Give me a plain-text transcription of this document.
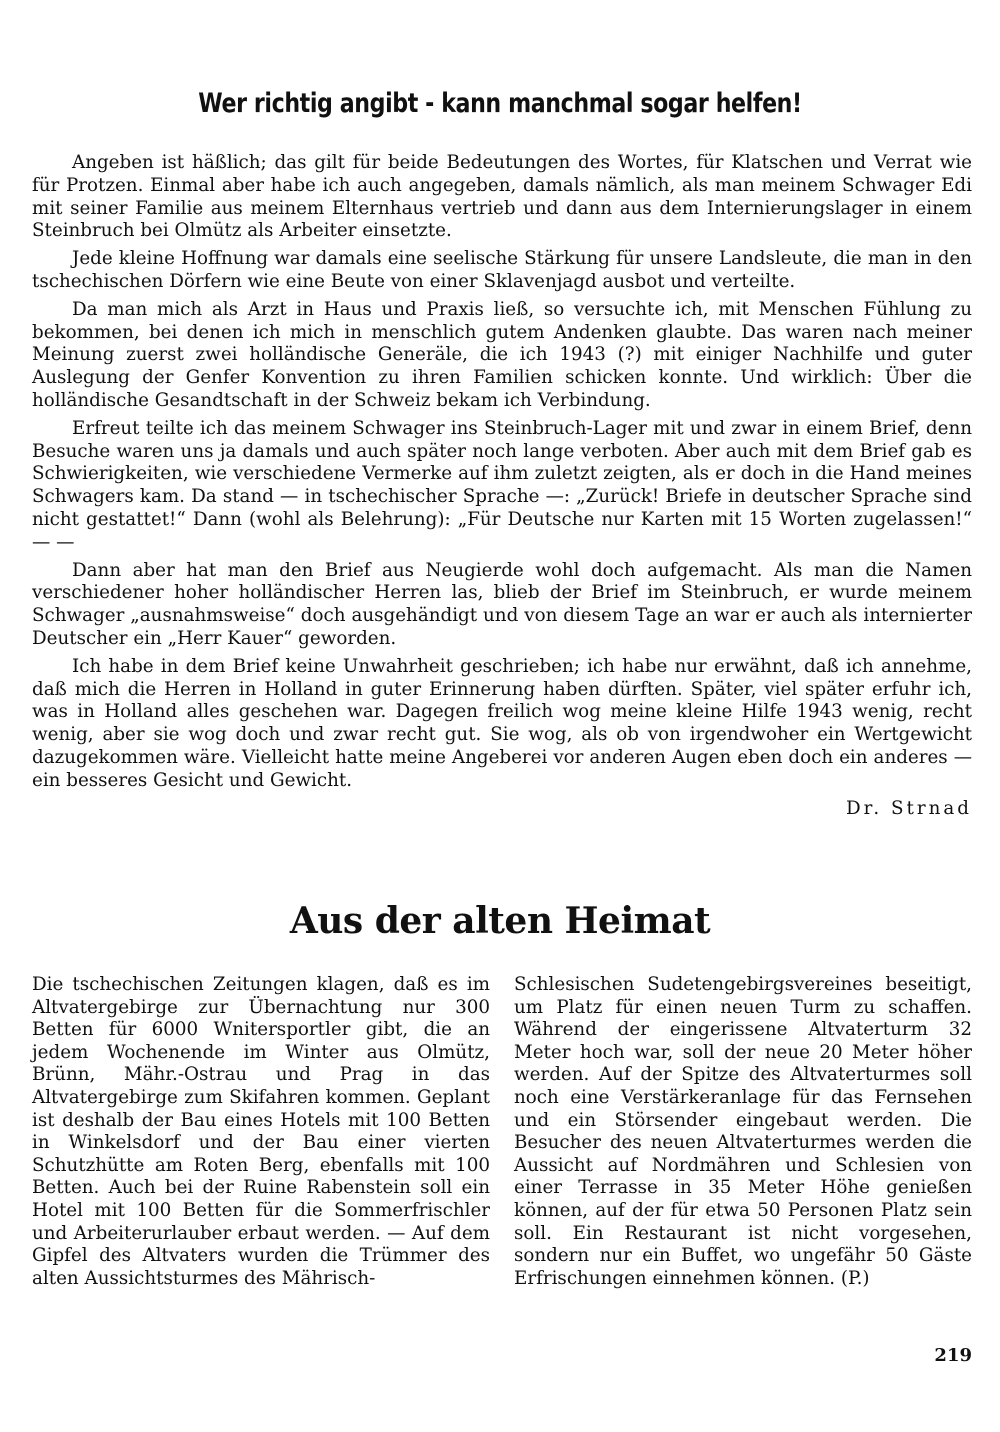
Wer richtig angibt - kann manchmal sogar helfen!

Angeben ist häßlich; das gilt für beide Bedeutungen des Wortes, für Klatschen und Verrat wie für Protzen. Einmal aber habe ich auch angegeben, damals nämlich, als man meinem Schwager Edi mit seiner Familie aus meinem Elternhaus vertrieb und dann aus dem Internierungslager in einem Steinbruch bei Olmütz als Arbeiter einsetzte.

Jede kleine Hoffnung war damals eine seelische Stärkung für unsere Landsleute, die man in den tschechischen Dörfern wie eine Beute von einer Sklavenjagd ausbot und verteilte.

Da man mich als Arzt in Haus und Praxis ließ, so versuchte ich, mit Menschen Fühlung zu bekommen, bei denen ich mich in menschlich gutem Andenken glaubte. Das waren nach meiner Meinung zuerst zwei holländische Generäle, die ich 1943 (?) mit einiger Nachhilfe und guter Auslegung der Genfer Konvention zu ihren Familien schicken konnte. Und wirklich: Über die holländische Gesandtschaft in der Schweiz bekam ich Verbindung.

Erfreut teilte ich das meinem Schwager ins Steinbruch-Lager mit und zwar in einem Brief, denn Besuche waren uns ja damals und auch später noch lange verboten. Aber auch mit dem Brief gab es Schwierigkeiten, wie verschiedene Vermerke auf ihm zuletzt zeigten, als er doch in die Hand meines Schwagers kam. Da stand — in tschechischer Sprache —: „Zurück! Briefe in deutscher Sprache sind nicht gestattet!“ Dann (wohl als Belehrung): „Für Deutsche nur Karten mit 15 Worten zugelassen!“ — —

Dann aber hat man den Brief aus Neugierde wohl doch aufgemacht. Als man die Namen verschiedener hoher holländischer Herren las, blieb der Brief im Steinbruch, er wurde meinem Schwager „ausnahmsweise“ doch ausgehändigt und von diesem Tage an war er auch als internierter Deutscher ein „Herr Kauer“ geworden.

Ich habe in dem Brief keine Unwahrheit geschrieben; ich habe nur erwähnt, daß ich annehme, daß mich die Herren in Holland in guter Erinnerung haben dürften. Später, viel später erfuhr ich, was in Holland alles geschehen war. Dagegen freilich wog meine kleine Hilfe 1943 wenig, recht wenig, aber sie wog doch und zwar recht gut. Sie wog, als ob von irgendwoher ein Wertgewicht dazugekommen wäre. Vielleicht hatte meine Angeberei vor anderen Augen eben doch ein anderes — ein besseres Gesicht und Gewicht.

Dr. Strnad

Aus der alten Heimat

Die tschechischen Zeitungen klagen, daß es im Altvatergebirge zur Übernachtung nur 300 Betten für 6000 Wnitersportler gibt, die an jedem Wochenende im Winter aus Olmütz, Brünn, Mähr.-Ostrau und Prag in das Altvatergebirge zum Skifahren kommen. Geplant ist deshalb der Bau eines Hotels mit 100 Betten in Winkelsdorf und der Bau einer vierten Schutzhütte am Roten Berg, ebenfalls mit 100 Betten. Auch bei der Ruine Rabenstein soll ein Hotel mit 100 Betten für die Sommerfrischler und Arbeiterurlauber erbaut werden. — Auf dem Gipfel des Altvaters wurden die Trümmer des alten Aussichtsturmes des Mährisch-

Schlesischen Sudetengebirgsvereines beseitigt, um Platz für einen neuen Turm zu schaffen. Während der eingerissene Altvaterturm 32 Meter hoch war, soll der neue 20 Meter höher werden. Auf der Spitze des Altvaterturmes soll noch eine Verstärkeranlage für das Fernsehen und ein Störsender eingebaut werden. Die Besucher des neuen Altvaterturmes werden die Aussicht auf Nordmähren und Schlesien von einer Terrasse in 35 Meter Höhe genießen können, auf der für etwa 50 Personen Platz sein soll. Ein Restaurant ist nicht vorgesehen, sondern nur ein Buffet, wo ungefähr 50 Gäste Erfrischungen einnehmen können. (P.)

219
